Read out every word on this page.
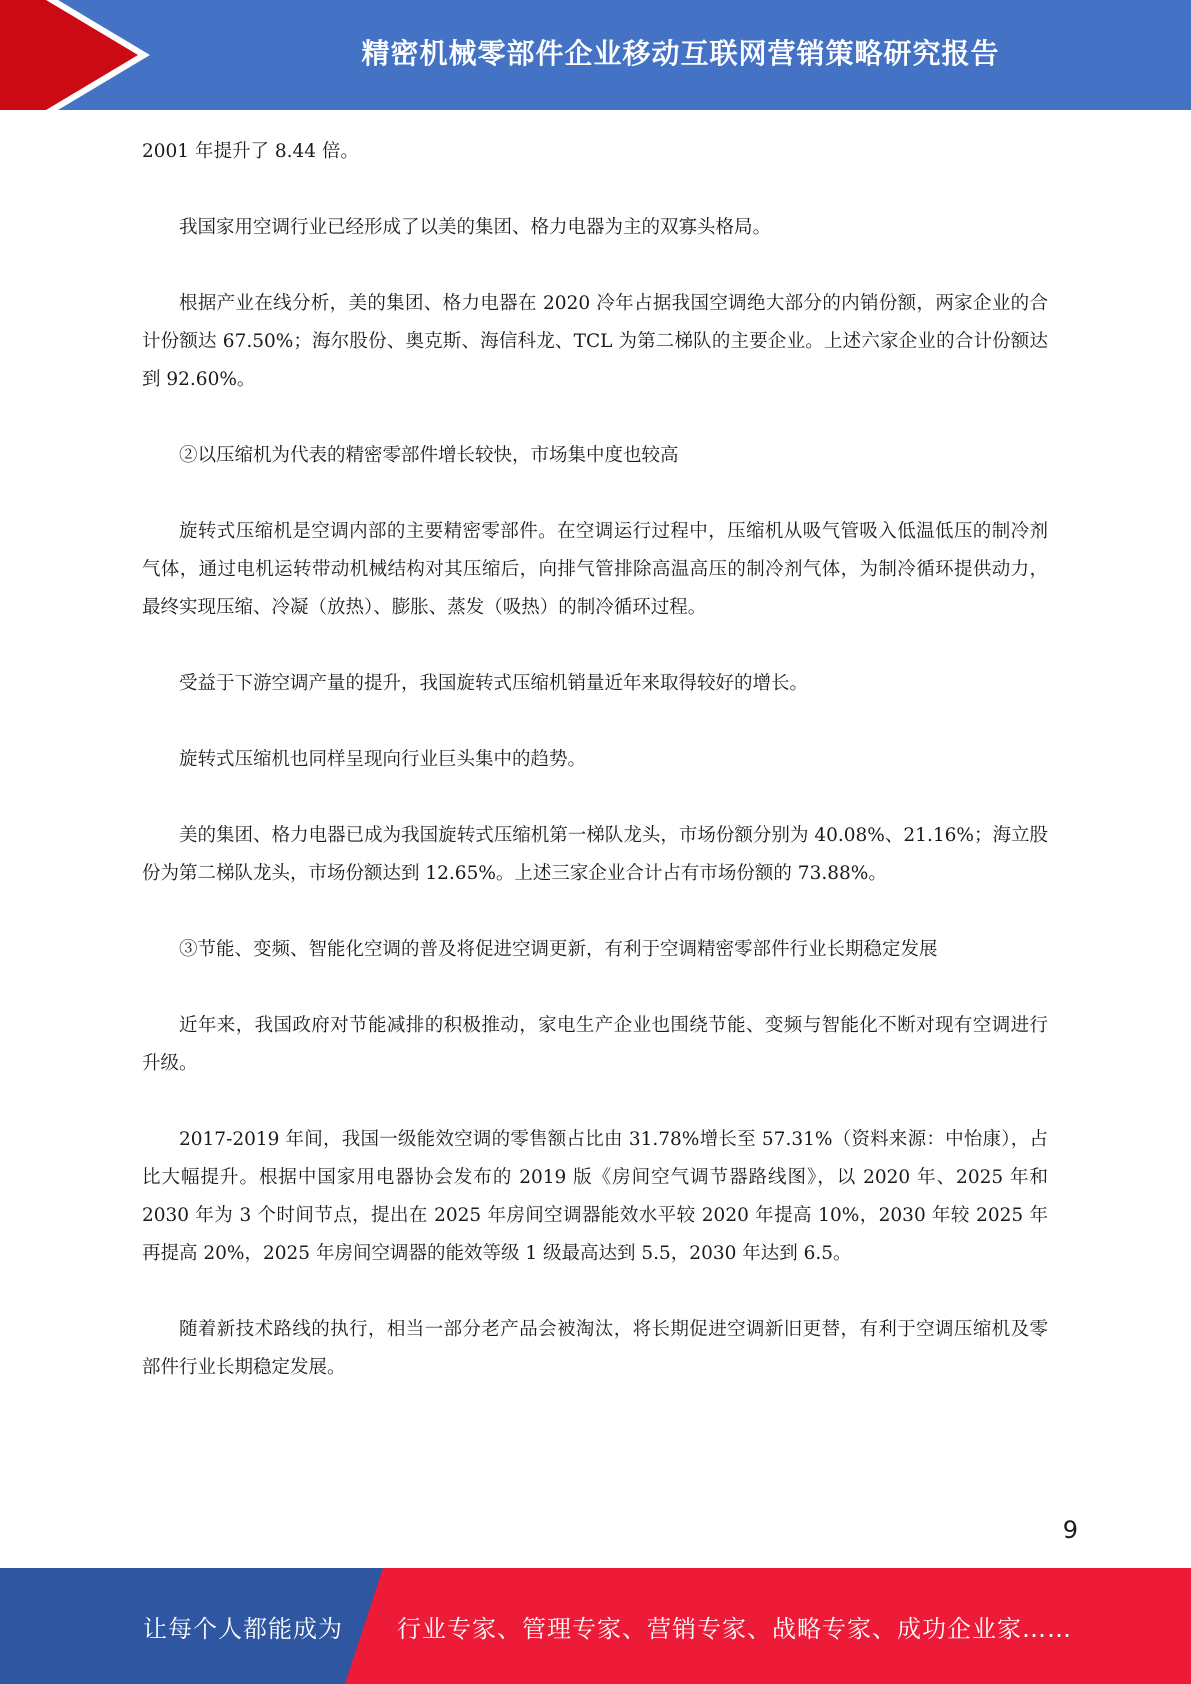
精密机械零部件企业移动互联网营销策略研究报告

2001 年提升了 8.44 倍。

我国家用空调行业已经形成了以美的集团、格力电器为主的双寡头格局。

根据产业在线分析，美的集团、格力电器在 2020 冷年占据我国空调绝大部分的内销份额，两家企业的合计份额达 67.50%；海尔股份、奥克斯、海信科龙、TCL 为第二梯队的主要企业。上述六家企业的合计份额达到 92.60%。

②以压缩机为代表的精密零部件增长较快，市场集中度也较高

旋转式压缩机是空调内部的主要精密零部件。在空调运行过程中，压缩机从吸气管吸入低温低压的制冷剂气体，通过电机运转带动机械结构对其压缩后，向排气管排除高温高压的制冷剂气体，为制冷循环提供动力，最终实现压缩、冷凝（放热）、膨胀、蒸发（吸热）的制冷循环过程。

受益于下游空调产量的提升，我国旋转式压缩机销量近年来取得较好的增长。

旋转式压缩机也同样呈现向行业巨头集中的趋势。

美的集团、格力电器已成为我国旋转式压缩机第一梯队龙头，市场份额分别为 40.08%、21.16%；海立股份为第二梯队龙头，市场份额达到 12.65%。上述三家企业合计占有市场份额的 73.88%。

③节能、变频、智能化空调的普及将促进空调更新，有利于空调精密零部件行业长期稳定发展

近年来，我国政府对节能减排的积极推动，家电生产企业也围绕节能、变频与智能化不断对现有空调进行升级。

2017-2019 年间，我国一级能效空调的零售额占比由 31.78%增长至 57.31%（资料来源：中怡康），占比大幅提升。根据中国家用电器协会发布的 2019 版《房间空气调节器路线图》，以 2020 年、2025 年和 2030 年为 3 个时间节点，提出在 2025 年房间空调器能效水平较 2020 年提高 10%，2030 年较 2025 年再提高 20%，2025 年房间空调器的能效等级 1 级最高达到 5.5，2030 年达到 6.5。

随着新技术路线的执行，相当一部分老产品会被淘汰，将长期促进空调新旧更替，有利于空调压缩机及零部件行业长期稳定发展。

9
让每个人都能成为 行业专家、管理专家、营销专家、战略专家、成功企业家……
